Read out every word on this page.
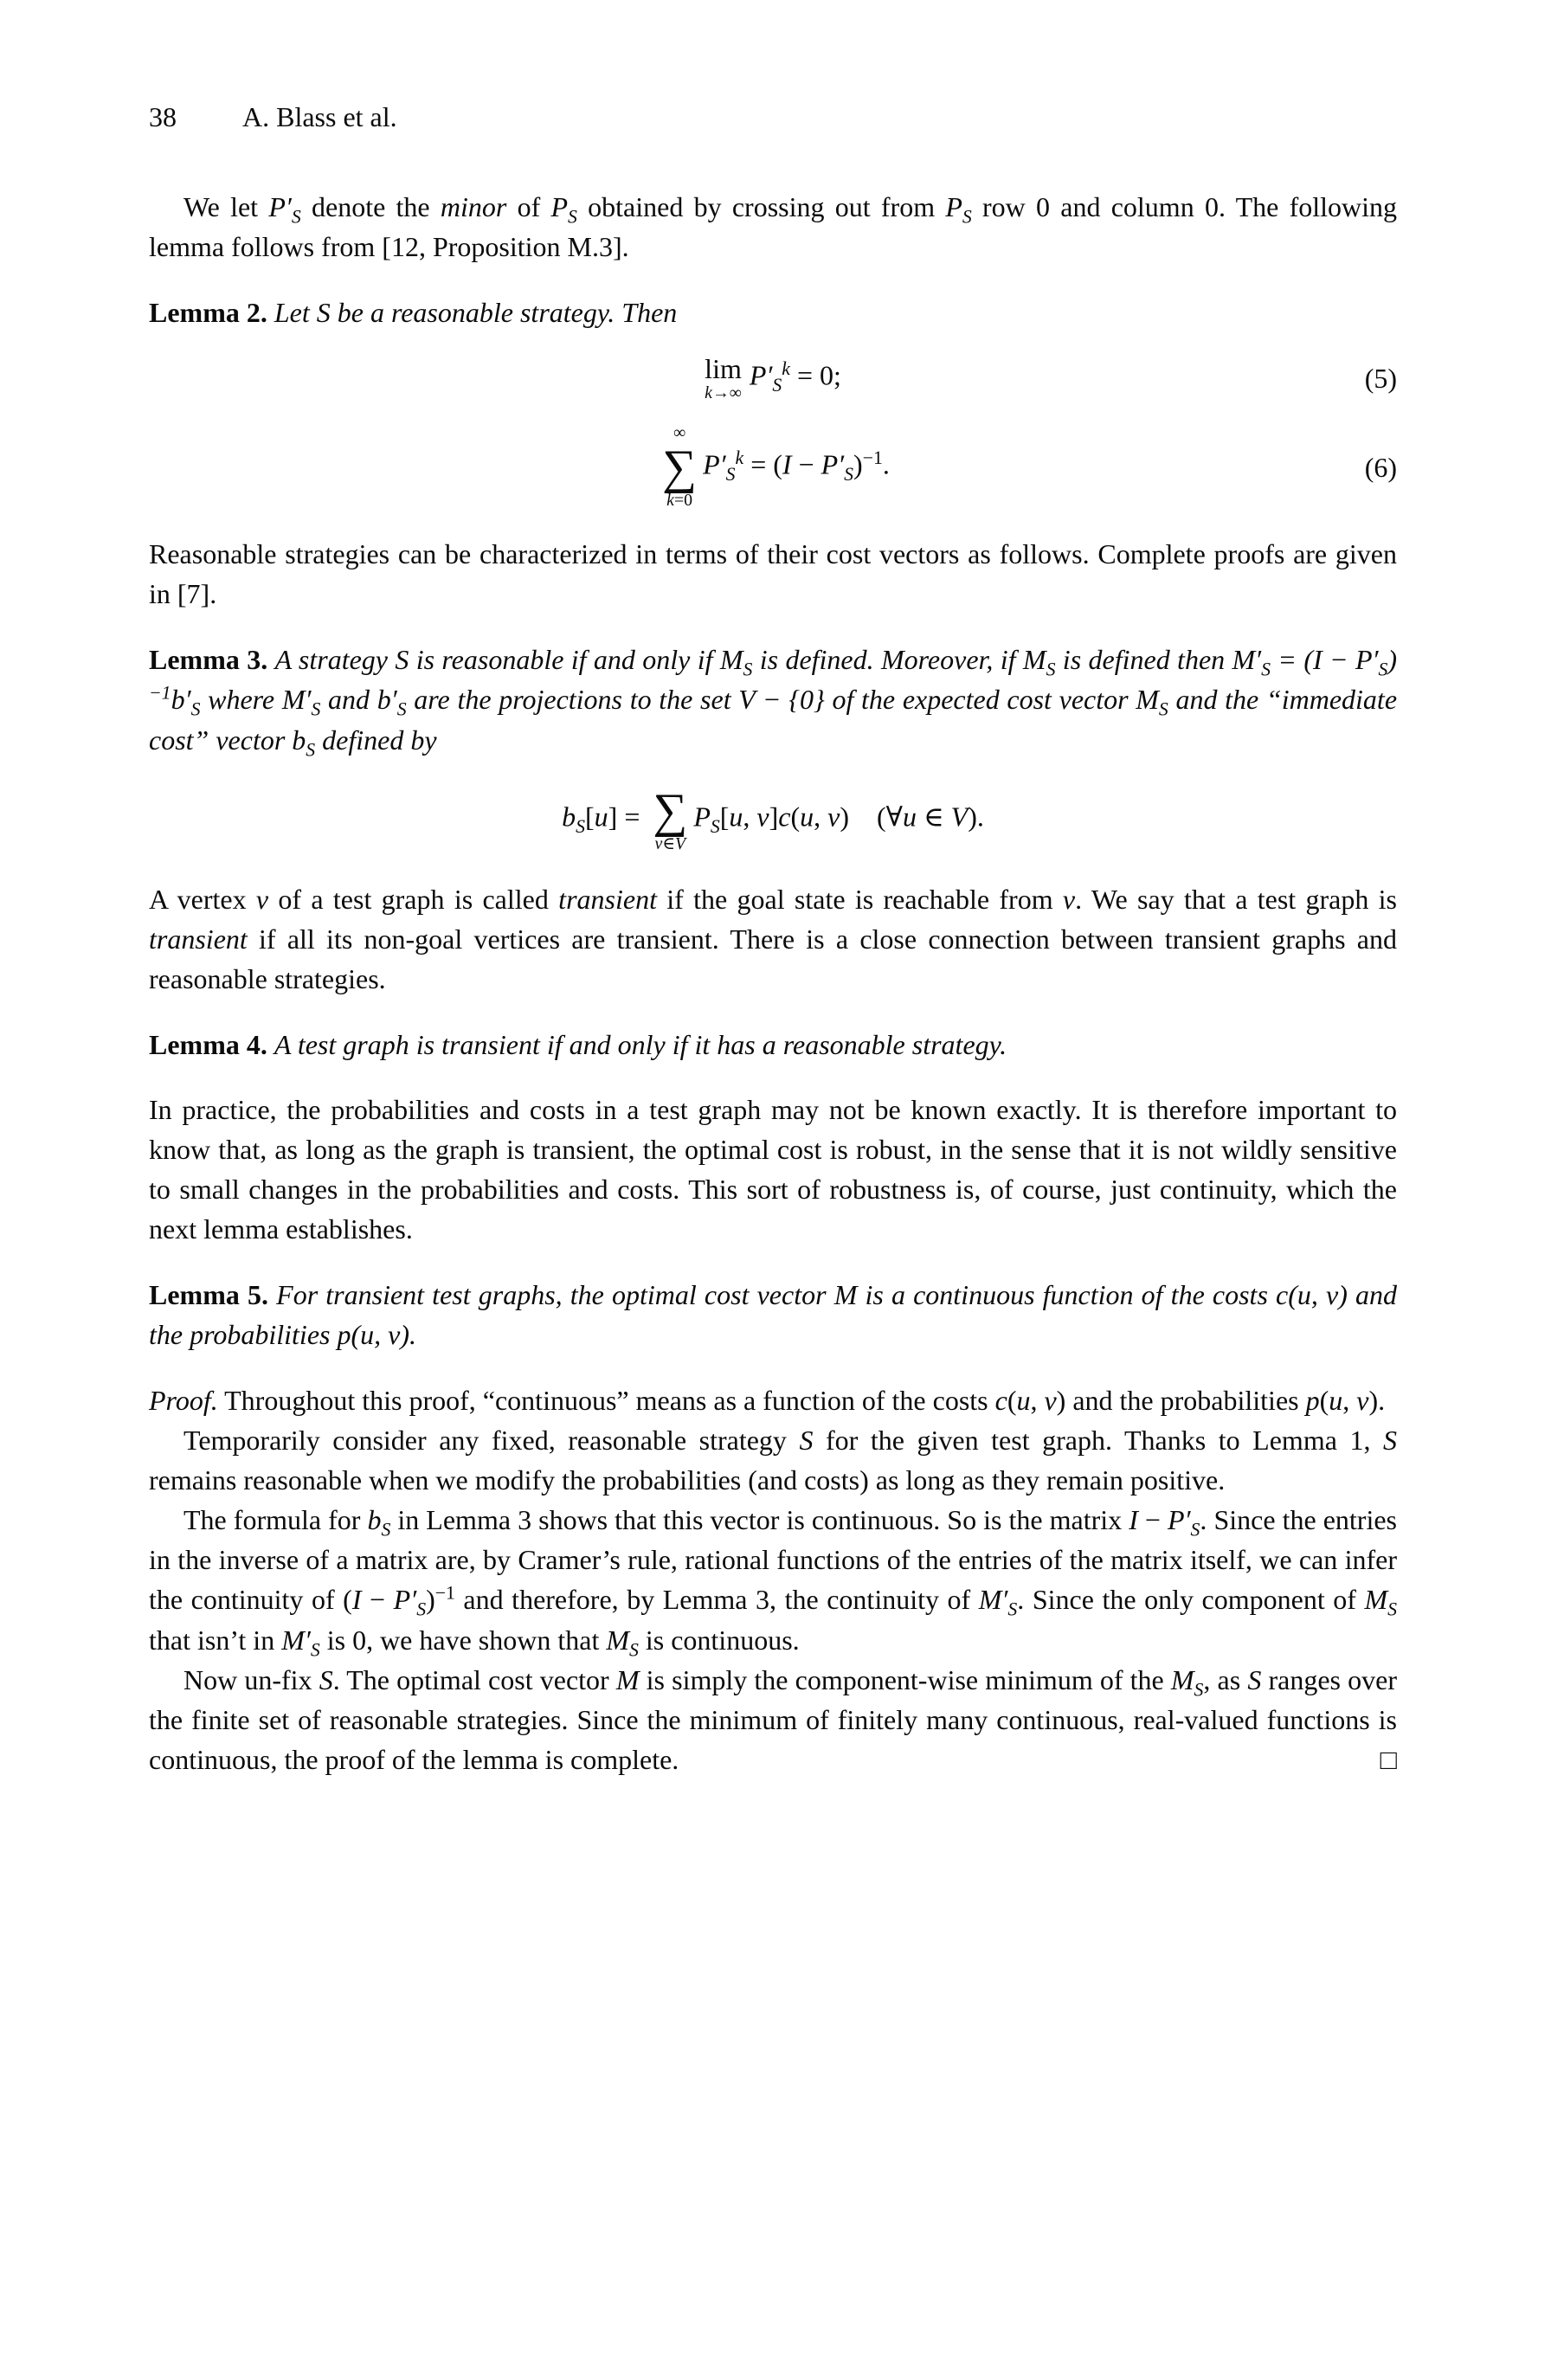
38 A. Blass et al.

We let $P'_S$ denote the minor of $P_S$ obtained by crossing out from $P_S$ row 0 and column 0. The following lemma follows from [12, Proposition M.3].

Lemma 2. Let S be a reasonable strategy. Then

lim
k→∞
$P'_S^k = 0$;	(5)
∞
∑
k=0
$P'_S^k = (I - P'_S)^{-1}$.	(6)

Reasonable strategies can be characterized in terms of their cost vectors as follows. Complete proofs are given in [7].

Lemma 3. A strategy S is reasonable if and only if $M_S$ is defined. Moreover, if $M_S$ is defined then $M'_S = (I - P'_S)^{-1}b'_S$ where $M'_S$ and $b'_S$ are the projections to the set V − {0} of the expected cost vector $M_S$ and the “immediate cost” vector $b_S$ defined by

$b_S[u]$ = ∑
v∈V
$P_S[u$, v]c(u, v)    (∀u ∈ V).

A vertex v of a test graph is called transient if the goal state is reachable from v. We say that a test graph is transient if all its non-goal vertices are transient. There is a close connection between transient graphs and reasonable strategies.

Lemma 4. A test graph is transient if and only if it has a reasonable strategy.

In practice, the probabilities and costs in a test graph may not be known exactly. It is therefore important to know that, as long as the graph is transient, the optimal cost is robust, in the sense that it is not wildly sensitive to small changes in the probabilities and costs. This sort of robustness is, of course, just continuity, which the next lemma establishes.

Lemma 5. For transient test graphs, the optimal cost vector M is a continuous function of the costs c(u, v) and the probabilities p(u, v).

Proof. Throughout this proof, “continuous” means as a function of the costs c(u, v) and the probabilities p(u, v).

Temporarily consider any fixed, reasonable strategy S for the given test graph. Thanks to Lemma 1, S remains reasonable when we modify the probabilities (and costs) as long as they remain positive.

The formula for $b_S$ in Lemma 3 shows that this vector is continuous. So is the matrix $I - P'_S$. Since the entries in the inverse of a matrix are, by Cramer’s rule, rational functions of the entries of the matrix itself, we can infer the continuity of $(I - P'_S)^{-1}$ and therefore, by Lemma 3, the continuity of $M'_S$. Since the only component of $M_S$ that isn’t in $M'_S$ is 0, we have shown that $M_S$ is continuous.

Now un-fix S. The optimal cost vector M is simply the component-wise minimum of the $M_S$, as S ranges over the finite set of reasonable strategies. Since the minimum of finitely many continuous, real-valued functions is continuous, the proof of the lemma is complete.	□
